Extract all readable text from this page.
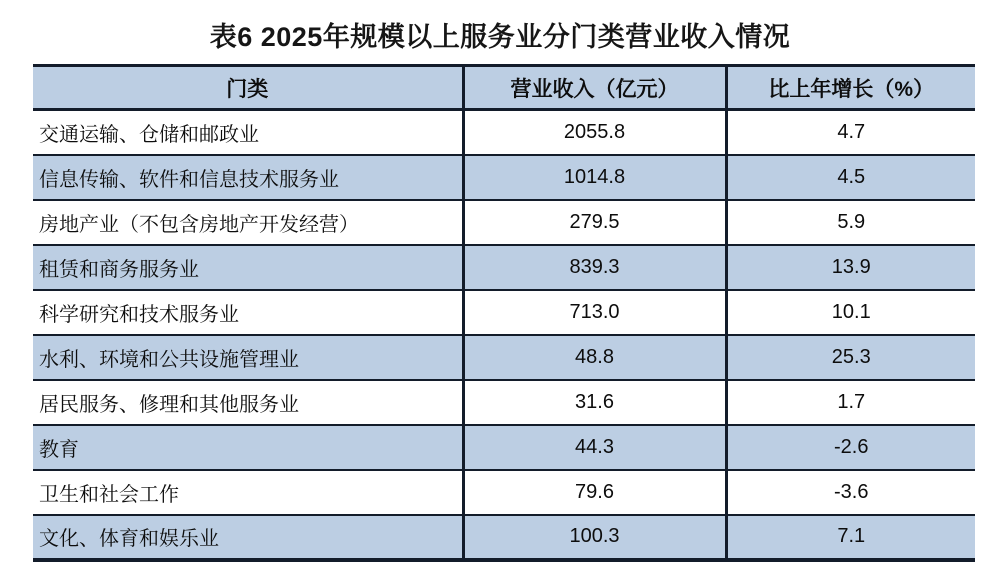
表6 2025年规模以上服务业分门类营业收入情况
门类	营业收入（亿元）	比上年增长（%）
交通运输、仓储和邮政业	2055.8	4.7
信息传输、软件和信息技术服务业	1014.8	4.5
房地产业（不包含房地产开发经营）	279.5	5.9
租赁和商务服务业	839.3	13.9
科学研究和技术服务业	713.0	10.1
水利、环境和公共设施管理业	48.8	25.3
居民服务、修理和其他服务业	31.6	1.7
教育	44.3	-2.6
卫生和社会工作	79.6	-3.6
文化、体育和娱乐业	100.3	7.1
